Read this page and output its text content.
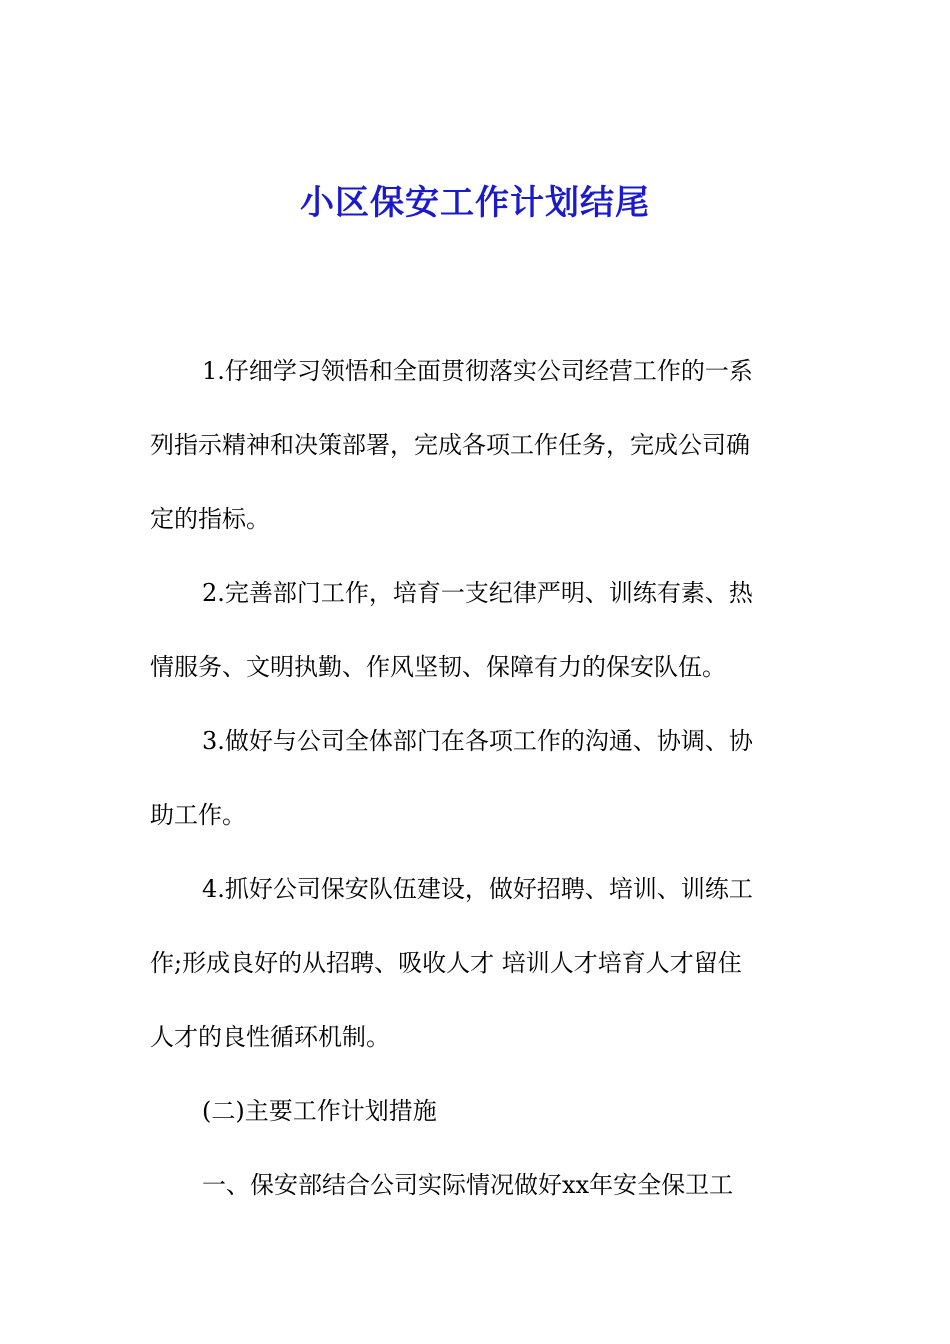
小区保安工作计划结尾
1.仔细学习领悟和全面贯彻落实公司经营工作的一系
列指示精神和决策部署，完成各项工作任务，完成公司确
定的指标。
2.完善部门工作，培育一支纪律严明、训练有素、热
情服务、文明执勤、作风坚韧、保障有力的保安队伍。
3.做好与公司全体部门在各项工作的沟通、协调、协
助工作。
4.抓好公司保安队伍建设，做好招聘、培训、训练工
作;形成良好的从招聘、吸收人才 培训人才培育人才留住
人才的良性循环机制。
(二)主要工作计划措施
一、保安部结合公司实际情况做好xx年安全保卫工
